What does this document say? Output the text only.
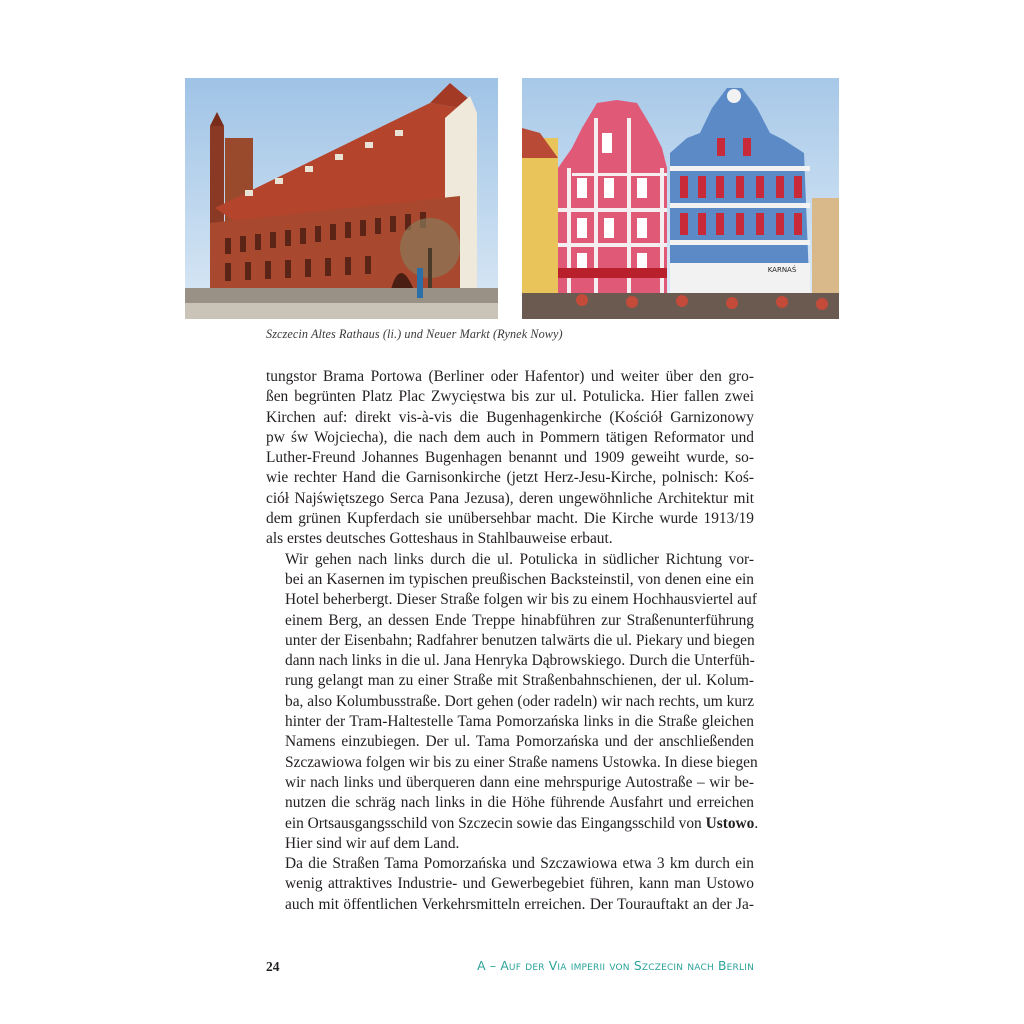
KARNAŚ
Szczecin Altes Rathaus (li.) und Neuer Markt (Rynek Nowy)

tungstor Brama Portowa (Berliner oder Hafentor) und weiter über den gro-
ßen begrünten Platz Plac Zwycięstwa bis zur ul. Potulicka. Hier fallen zwei
Kirchen auf: direkt vis-à-vis die Bugenhagenkirche (Kościół Garnizonowy
pw św Wojciecha), die nach dem auch in Pommern tätigen Reformator und
Luther-Freund Johannes Bugenhagen benannt und 1909 geweiht wurde, so-
wie rechter Hand die Garnisonkirche (jetzt Herz-Jesu-Kirche, polnisch: Koś-
ciół Najświętszego Serca Pana Jezusa), deren ungewöhnliche Architektur mit
dem grünen Kupferdach sie unübersehbar macht. Die Kirche wurde 1913/19
als erstes deutsches Gotteshaus in Stahlbauweise erbaut.

Wir gehen nach links durch die ul. Potulicka in südlicher Richtung vor-
bei an Kasernen im typischen preußischen Backsteinstil, von denen eine ein
Hotel beherbergt. Dieser Straße folgen wir bis zu einem Hochhausviertel auf
einem Berg, an dessen Ende Treppe hinabführen zur Straßenunterführung
unter der Eisenbahn; Radfahrer benutzen talwärts die ul. Piekary und biegen
dann nach links in die ul. Jana Henryka Dąbrowskiego. Durch die Unterfüh-
rung gelangt man zu einer Straße mit Straßenbahnschienen, der ul. Kolum-
ba, also Kolumbusstraße. Dort gehen (oder radeln) wir nach rechts, um kurz
hinter der Tram-Haltestelle Tama Pomorzańska links in die Straße gleichen
Namens einzubiegen. Der ul. Tama Pomorzańska und der anschließenden
Szczawiowa folgen wir bis zu einer Straße namens Ustowka. In diese biegen
wir nach links und überqueren dann eine mehrspurige Autostraße – wir be-
nutzen die schräg nach links in die Höhe führende Ausfahrt und erreichen
ein Ortsausgangsschild von Szczecin sowie das Eingangsschild von Ustowo.
Hier sind wir auf dem Land.

Da die Straßen Tama Pomorzańska und Szczawiowa etwa 3 km durch ein
wenig attraktives Industrie- und Gewerbegebiet führen, kann man Ustowo
auch mit öffentlichen Verkehrsmitteln erreichen. Der Tourauftakt an der Ja-

24	A – Auf der Via imperii von Szczecin nach Berlin
